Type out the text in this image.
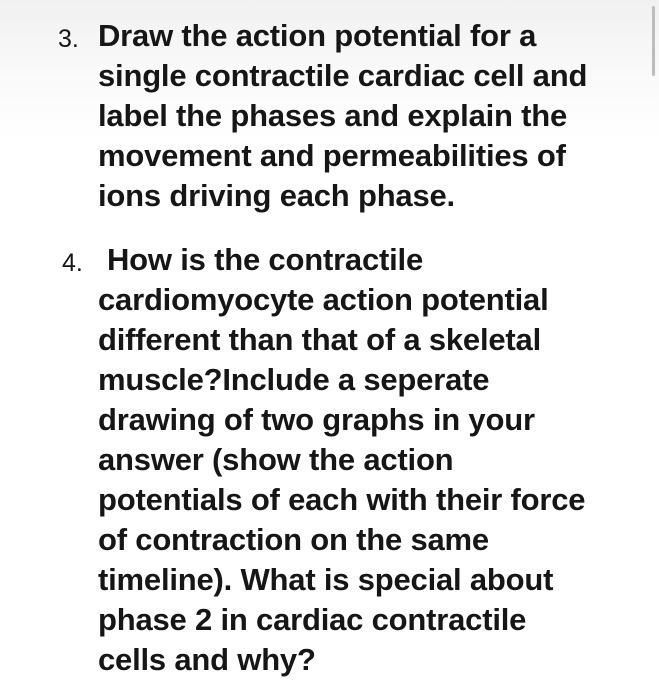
3. Draw the action potential for a
single contractile cardiac cell and
label the phases and explain the
movement and permeabilities of
ions driving each phase.

4. How is the contractile
cardiomyocyte action potential
different than that of a skeletal
muscle?Include a seperate
drawing of two graphs in your
answer (show the action
potentials of each with their force
of contraction on the same
timeline). What is special about
phase 2 in cardiac contractile
cells and why?
